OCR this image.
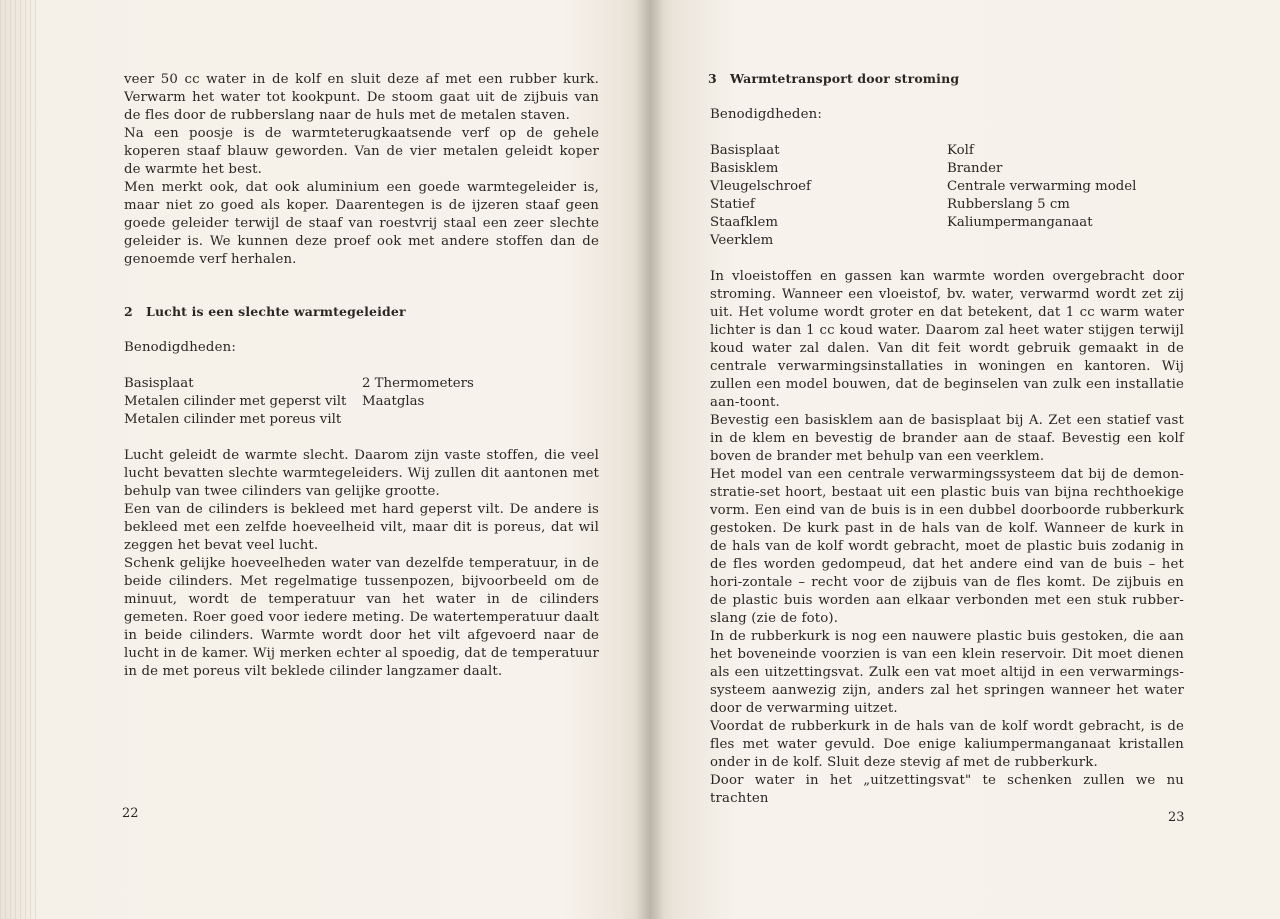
veer 50 cc water in de kolf en sluit deze af met een rubber kurk. Verwarm het water tot kookpunt. De stoom gaat uit de zijbuis van de fles door de rubberslang naar de huls met de metalen staven.

Na een poosje is de warmteterugkaatsende verf op de gehele koperen staaf blauw geworden. Van de vier metalen geleidt koper de warmte het best.

Men merkt ook, dat ook aluminium een goede warmtegeleider is, maar niet zo goed als koper. Daarentegen is de ijzeren staaf geen goede geleider terwijl de staaf van roestvrij staal een zeer slechte geleider is. We kunnen deze proef ook met andere stoffen dan de genoemde verf herhalen.

2 Lucht is een slechte warmtegeleider
Benodigdheden:
Basisplaat
Metalen cilinder met geperst vilt
Metalen cilinder met poreus vilt
2 Thermometers
Maatglas

Lucht geleidt de warmte slecht. Daarom zijn vaste stoffen, die veel lucht bevatten slechte warmtegeleiders. Wij zullen dit aantonen met behulp van twee cilinders van gelijke grootte.

Een van de cilinders is bekleed met hard geperst vilt. De andere is bekleed met een zelfde hoeveelheid vilt, maar dit is poreus, dat wil zeggen het bevat veel lucht.

Schenk gelijke hoeveelheden water van dezelfde temperatuur, in de beide cilinders. Met regelmatige tussenpozen, bijvoorbeeld om de minuut, wordt de temperatuur van het water in de cilinders gemeten. Roer goed voor iedere meting. De watertemperatuur daalt in beide cilinders. Warmte wordt door het vilt afgevoerd naar de lucht in de kamer. Wij merken echter al spoedig, dat de temperatuur in de met poreus vilt beklede cilinder langzamer daalt.

22
3 Warmtetransport door stroming
Benodigdheden:
Basisplaat
Basisklem
Vleugelschroef
Statief
Staafklem
Veerklem
Kolf
Brander
Centrale verwarming model
Rubberslang 5 cm
Kaliumpermanganaat

In vloeistoffen en gassen kan warmte worden overgebracht door stroming. Wanneer een vloeistof, bv. water, verwarmd wordt zet zij uit. Het volume wordt groter en dat betekent, dat 1 cc warm water lichter is dan 1 cc koud water. Daarom zal heet water stijgen terwijl koud water zal dalen. Van dit feit wordt gebruik gemaakt in de centrale verwarmingsinstallaties in woningen en kantoren. Wij zullen een model bouwen, dat de beginselen van zulk een installatie aan-toont.

Bevestig een basisklem aan de basisplaat bij A. Zet een statief vast in de klem en bevestig de brander aan de staaf. Bevestig een kolf boven de brander met behulp van een veerklem.

Het model van een centrale verwarmingssysteem dat bij de demon-stratie-set hoort, bestaat uit een plastic buis van bijna rechthoekige vorm. Een eind van de buis is in een dubbel doorboorde rubberkurk gestoken. De kurk past in de hals van de kolf. Wanneer de kurk in de hals van de kolf wordt gebracht, moet de plastic buis zodanig in de fles worden gedompeud, dat het andere eind van de buis – het hori-zontale – recht voor de zijbuis van de fles komt. De zijbuis en de plastic buis worden aan elkaar verbonden met een stuk rubber-slang (zie de foto).

In de rubberkurk is nog een nauwere plastic buis gestoken, die aan het boveneinde voorzien is van een klein reservoir. Dit moet dienen als een uitzettingsvat. Zulk een vat moet altijd in een verwarmings-systeem aanwezig zijn, anders zal het springen wanneer het water door de verwarming uitzet.

Voordat de rubberkurk in de hals van de kolf wordt gebracht, is de fles met water gevuld. Doe enige kaliumpermanganaat kristallen onder in de kolf. Sluit deze stevig af met de rubberkurk.

Door water in het „uitzettingsvat" te schenken zullen we nu trachten

23
